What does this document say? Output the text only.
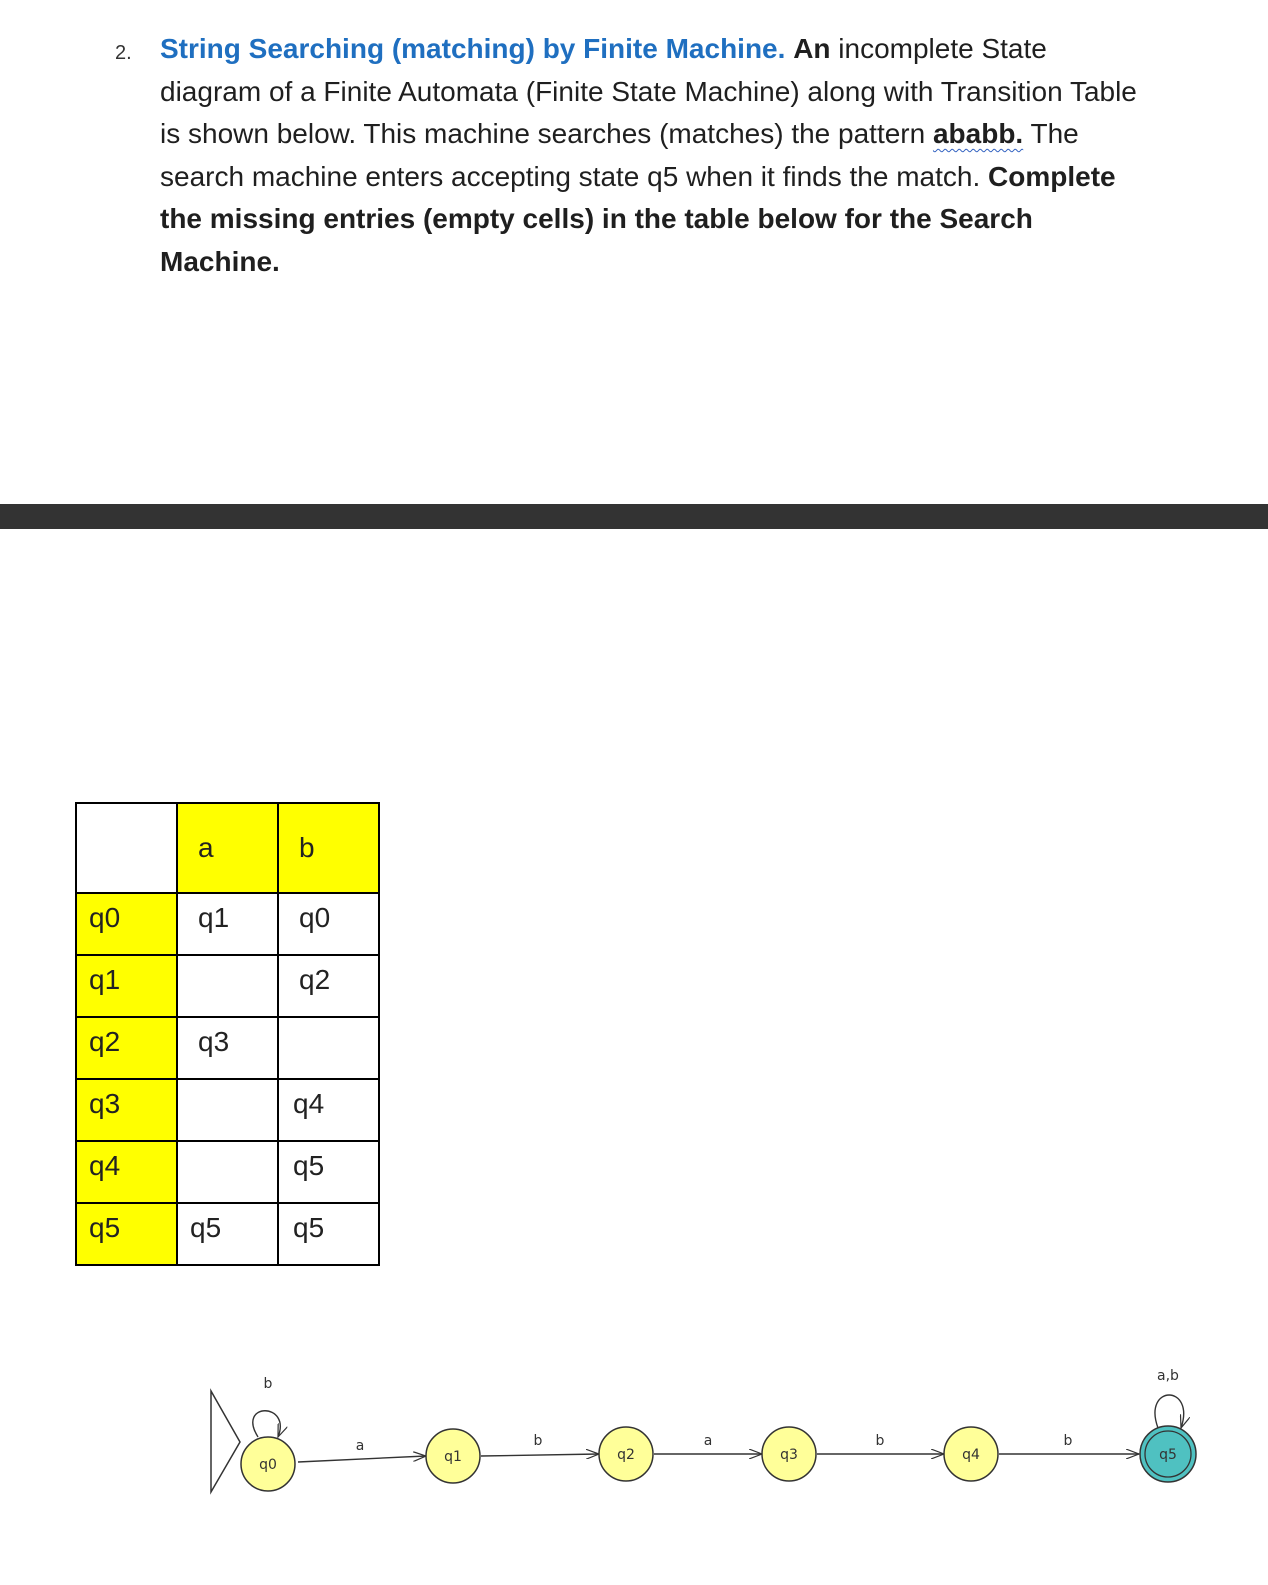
2. String Searching (matching) by Finite Machine. An incomplete State diagram of a Finite Automata (Finite State Machine) along with Transition Table is shown below. This machine searches (matches) the pattern ababb. The search machine enters accepting state q5 when it finds the match. Complete the missing entries (empty cells) in the table below for the Search Machine.

	a	b

q0	q1	q0

q1		q2

q2	q3	

q3		q4

q4		q5

q5	q5	q5
b	a,b
a	b	a	b	b
q0	q1	q2	q3	q4	q5
